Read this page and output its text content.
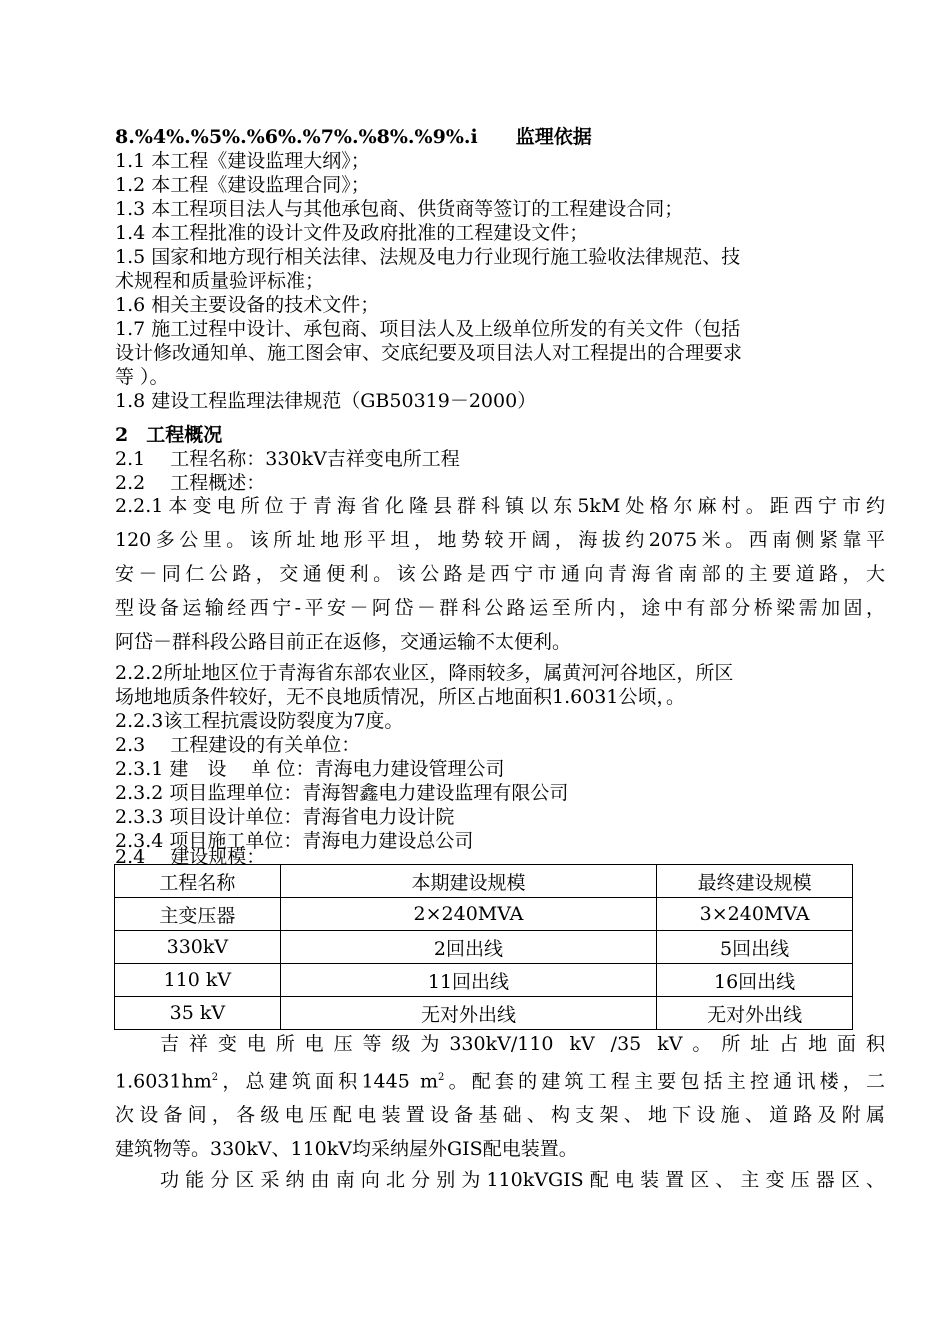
8.%4%.%5%.%6%.%7%.%8%.%9%.i 监理依据
1.1 本工程《建设监理大纲》；
1.2 本工程《建设监理合同》；
1.3 本工程项目法人与其他承包商、供货商等签订的工程建设合同；
1.4 本工程批准的设计文件及政府批准的工程建设文件；
1.5 国家和地方现行相关法律、法规及电力行业现行施工验收法律规范、技
术规程和质量验评标准；
1.6 相关主要设备的技术文件；
1.7 施工过程中设计、承包商、项目法人及上级单位所发的有关文件（包括
设计修改通知单、施工图会审、交底纪要及项目法人对工程提出的合理要求
等 ）。
1.8 建设工程监理法律规范（GB50319－2000）
2 工程概况
2.1　 工程名称：330kV吉祥变电所工程
2.2　 工程概述：
2.2.1本变电所位于青海省化隆县群科镇以东5kM处格尔麻村。距西宁市约
120多公里。该所址地形平坦，地势较开阔，海拔约2075米。西南侧紧靠平
安－同仁公路，交通便利。该公路是西宁市通向青海省南部的主要道路，大
型设备运输经西宁-平安－阿岱－群科公路运至所内，途中有部分桥梁需加固，
阿岱－群科段公路目前正在返修，交通运输不太便利。
2.2.2所址地区位于青海省东部农业区，降雨较多，属黄河河谷地区，所区
场地地质条件较好，无不良地质情况，所区占地面积1.6031公顷，。
2.2.3该工程抗震设防裂度为7度。
2.3　 工程建设的有关单位：
2.3.1 建　设　 单 位：青海电力建设管理公司
2.3.2 项目监理单位：青海智鑫电力建设监理有限公司
2.3.3 项目设计单位：青海省电力设计院
2.3.4 项目施工单位：青海电力建设总公司
2.4　 建设规模：
工程名称	本期建设规模	最终建设规模
主变压器	2×240MVA	3×240MVA
330kV	2回出线	5回出线
110 kV	11回出线	16回出线
35 kV	无对外出线	无对外出线
吉祥变电所电压等级为330kV/110 kV /35 kV。所址占地面积
$1.6031hm^2$，总建筑面积1445 $m^2$。配套的建筑工程主要包括主控通讯楼，二
次设备间，各级电压配电装置设备基础、构支架、地下设施、道路及附属
建筑物等。330kV、110kV均采纳屋外GIS配电装置。
功能分区采纳由南向北分别为110kVGIS配电装置区、主变压器区、
